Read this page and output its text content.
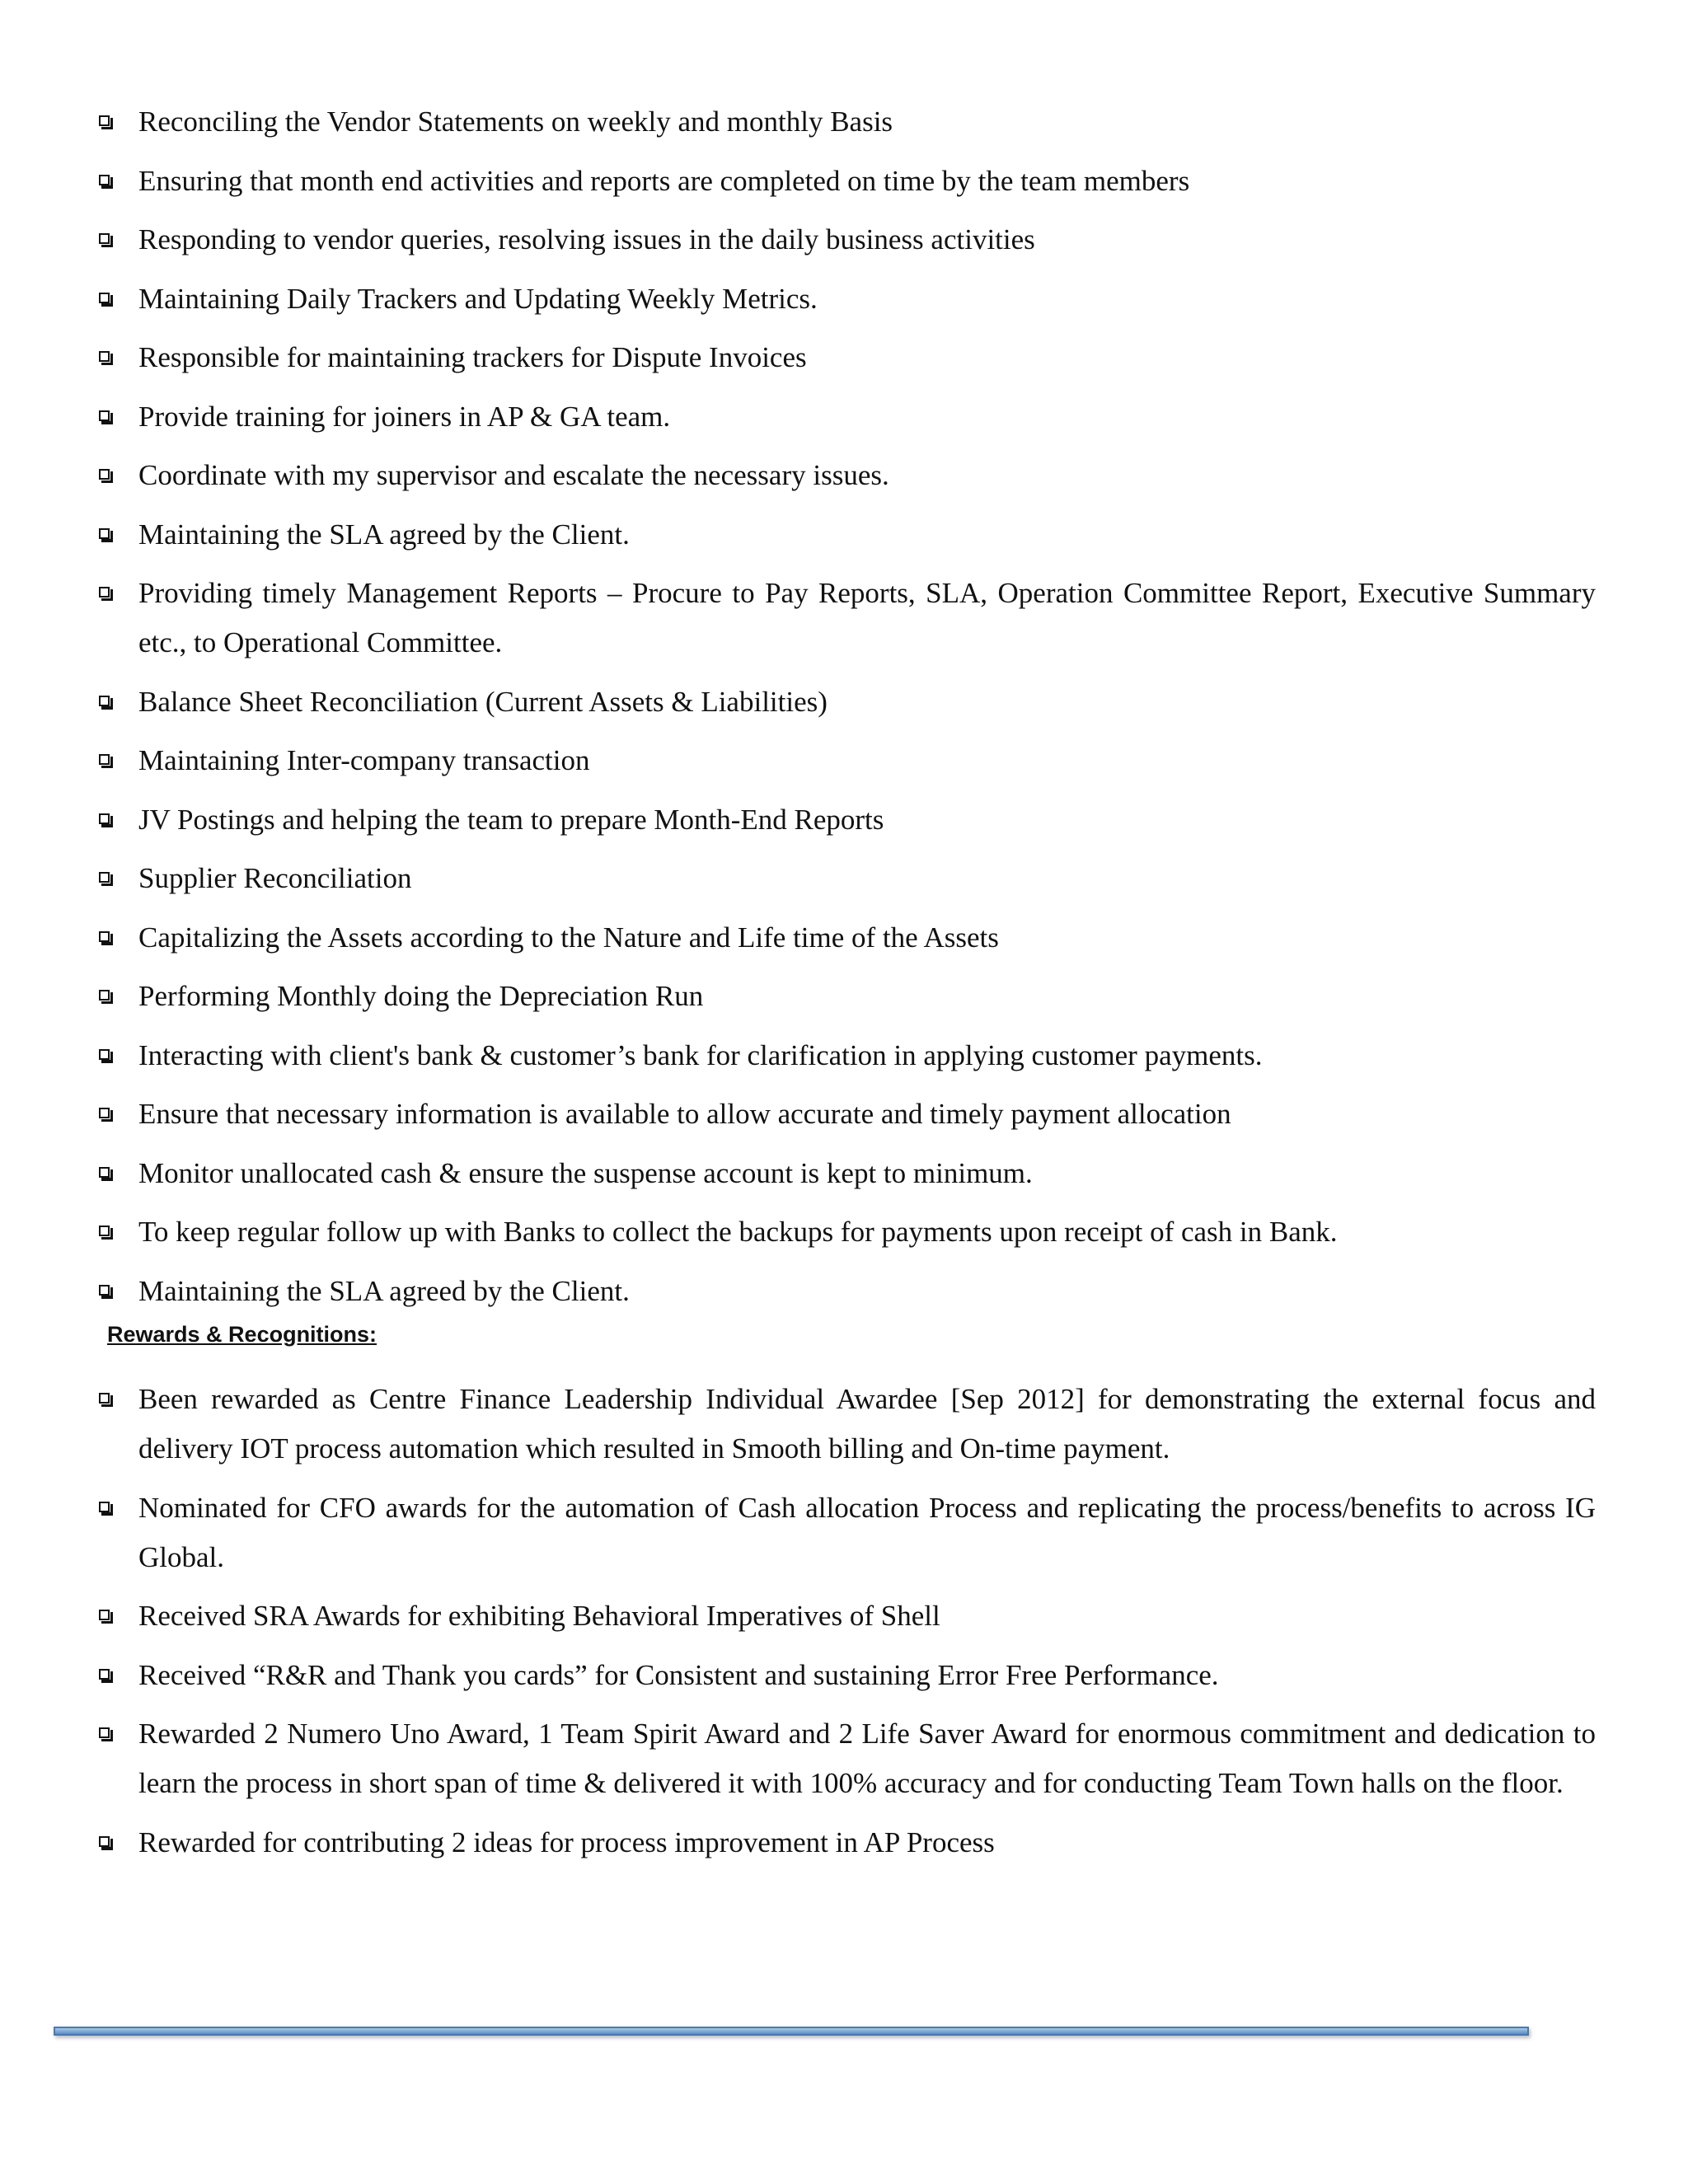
Reconciling the Vendor Statements on weekly and monthly Basis
Ensuring that month end activities and reports are completed on time by the team members
Responding to vendor queries, resolving issues in the daily business activities
Maintaining Daily Trackers and Updating Weekly Metrics.
Responsible for maintaining trackers for Dispute Invoices
Provide training for joiners in AP & GA team.
Coordinate with my supervisor and escalate the necessary issues.
Maintaining the SLA agreed by the Client.
Providing timely Management Reports – Procure to Pay Reports, SLA, Operation Committee Report, Executive Summary etc., to Operational Committee.
Balance Sheet Reconciliation (Current Assets & Liabilities)
Maintaining Inter-company transaction
JV Postings and helping the team to prepare Month-End Reports
Supplier Reconciliation
Capitalizing the Assets according to the Nature and Life time of the Assets
Performing Monthly doing the Depreciation Run
Interacting with client's bank & customer’s bank for clarification in applying customer payments.
Ensure that necessary information is available to allow accurate and timely payment allocation
Monitor unallocated cash & ensure the suspense account is kept to minimum.
To keep regular follow up with Banks to collect the backups for payments upon receipt of cash in Bank.
Maintaining the SLA agreed by the Client.
Rewards & Recognitions:
Been rewarded as Centre Finance Leadership Individual Awardee [Sep 2012] for demonstrating the external focus and delivery IOT process automation which resulted in Smooth billing and On-time payment.
Nominated for CFO awards for the automation of Cash allocation Process and replicating the process/benefits to across IG Global.
Received SRA Awards for exhibiting Behavioral Imperatives of Shell
Received “R&R and Thank you cards” for Consistent and sustaining Error Free Performance.
Rewarded 2 Numero Uno Award, 1 Team Spirit Award and 2 Life Saver Award for enormous commitment and dedication to learn the process in short span of time & delivered it with 100% accuracy and for conducting Team Town halls on the floor.
Rewarded for contributing 2 ideas for process improvement in AP Process
